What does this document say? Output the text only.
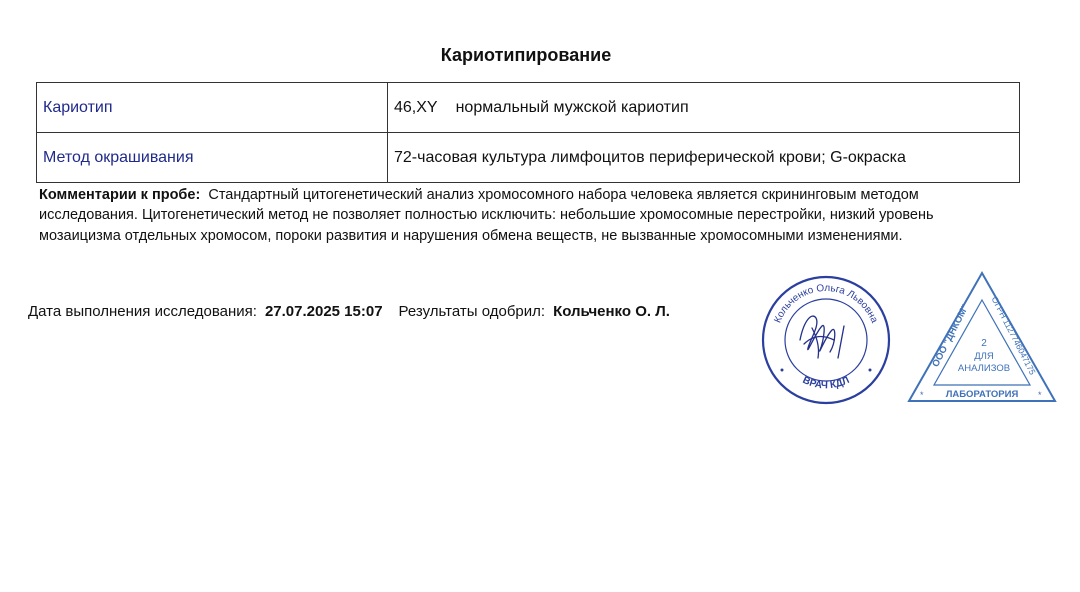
Кариотипирование
Кариотип	46,XY нормальный мужской кариотип
Метод окрашивания	72-часовая культура лимфоцитов периферической крови; G-окраска
Комментарии к пробе: Стандартный цитогенетический анализ хромосомного набора человека является скрининговым методом исследования. Цитогенетический метод не позволяет полностью исключить: небольшие хромосомные перестройки, низкий уровень мозаицизма отдельных хромосом, пороки развития и нарушения обмена веществ, не вызванные хромосомными изменениями.
Дата выполнения исследования: 27.07.2025 15:07 Результаты одобрил: Кольченко О. Л.	Кольченко Ольга Львовна
ВРАЧ КДЛ
ООО "ДНКОМ"
ОГРН 1127746047175
2
ДЛЯ
АНАЛИЗОВ
ЛАБОРАТОРИЯ
*	*
